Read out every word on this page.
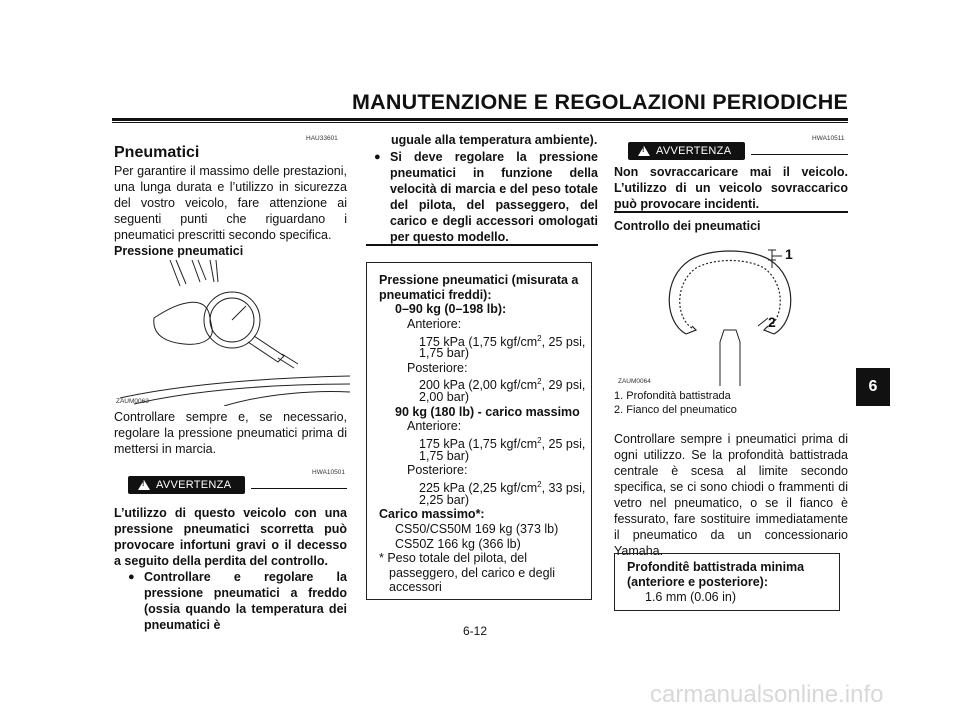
MANUTENZIONE E REGOLAZIONI PERIODICHE
HAU33601
Pneumatici
Per garantire il massimo delle prestazioni, una lunga durata e l’utilizzo in sicurezza del vostro veicolo, fare attenzione ai seguenti punti che riguardano i pneumatici prescritti secondo specifica.
Pressione pneumatici
ZAUM0063
Controllare sempre e, se necessario, regolare la pressione pneumatici prima di mettersi in marcia.
HWA10501
! AVVERTENZA
L’utilizzo di questo veicolo con una pressione pneumatici scorretta può provocare infortuni gravi o il decesso a seguito della perdita del controllo.
● Controllare e regolare la pressione pneumatici a freddo (ossia quando la temperatura dei pneumatici è
uguale alla temperatura ambiente).
● Si deve regolare la pressione pneumatici in funzione della velocità di marcia e del peso totale del pilota, del passeggero, del carico e degli accessori omologati per questo modello.
Pressione pneumatici (misurata a
pneumatici freddi):
0–90 kg (0–198 lb):
Anteriore:
175 kPa (1,75 kgf/$cm^2$, 25 psi,
1,75 bar)
Posteriore:
200 kPa (2,00 kgf/$cm^2$, 29 psi,
2,00 bar)
90 kg (180 lb) - carico massimo
Anteriore:
175 kPa (1,75 kgf/$cm^2$, 25 psi,
1,75 bar)
Posteriore:
225 kPa (2,25 kgf/$cm^2$, 33 psi,
2,25 bar)
Carico massimo*:
CS50/CS50M 169 kg (373 lb)
CS50Z 166 kg (366 lb)
* Peso totale del pilota, del
passeggero, del carico e degli
accessori
HWA10511
! AVVERTENZA
Non sovraccaricare mai il veicolo. L’utilizzo di un veicolo sovraccarico può provocare incidenti.
Controllo dei pneumatici
1
2
ZAUM0064
1. Profondità battistrada
2. Fianco del pneumatico
Controllare sempre i pneumatici prima di ogni utilizzo. Se la profondità battistrada centrale è scesa al limite secondo specifica, se ci sono chiodi o frammenti di vetro nel pneumatico, o se il fianco è fessurato, fare sostituire immediatamente il pneumatico da un concessionario Yamaha.
Profonditê battistrada minima
(anteriore e posteriore):
1.6 mm (0.06 in)
6
6-12
carmanualsonline.info
